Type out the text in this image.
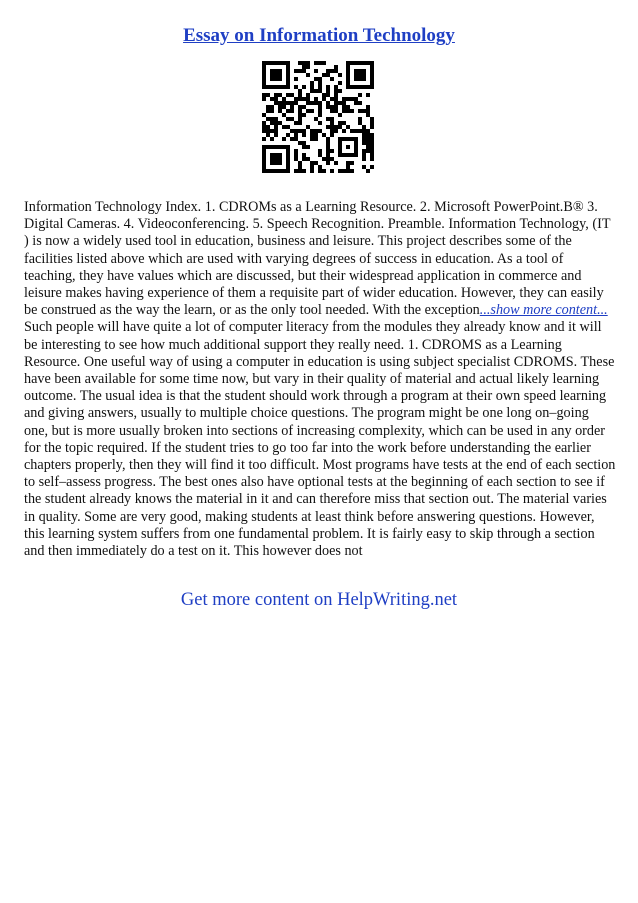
Essay on Information Technology

Information Technology Index. 1. CDROMs as a Learning Resource. 2. Microsoft PowerPoint.B® 3. Digital Cameras. 4. Videoconferencing. 5. Speech Recognition. Preamble. Information Technology, (IT ) is now a widely used tool in education, business and leisure. This project describes some of the facilities listed above which are used with varying degrees of success in education. As a tool of teaching, they have values which are discussed, but their widespread application in commerce and leisure makes having experience of them a requisite part of wider education. However, they can easily be construed as the way the learn, or as the only tool needed. With the exception...show more content...

Such people will have quite a lot of computer literacy from the modules they already know and it will be interesting to see how much additional support they really need. 1. CDROMS as a Learning Resource. One useful way of using a computer in education is using subject specialist CDROMS. These have been available for some time now, but vary in their quality of material and actual likely learning outcome. The usual idea is that the student should work through a program at their own speed learning and giving answers, usually to multiple choice questions. The program might be one long on–going one, but is more usually broken into sections of increasing complexity, which can be used in any order for the topic required. If the student tries to go too far into the work before understanding the earlier chapters properly, then they will find it too difficult. Most programs have tests at the end of each section to self–assess progress. The best ones also have optional tests at the beginning of each section to see if the student already knows the material in it and can therefore miss that section out. The material varies in quality. Some are very good, making students at least think before answering questions. However, this learning system suffers from one fundamental problem. It is fairly easy to skip through a section and then immediately do a test on it. This however does not

Get more content on HelpWriting.net
